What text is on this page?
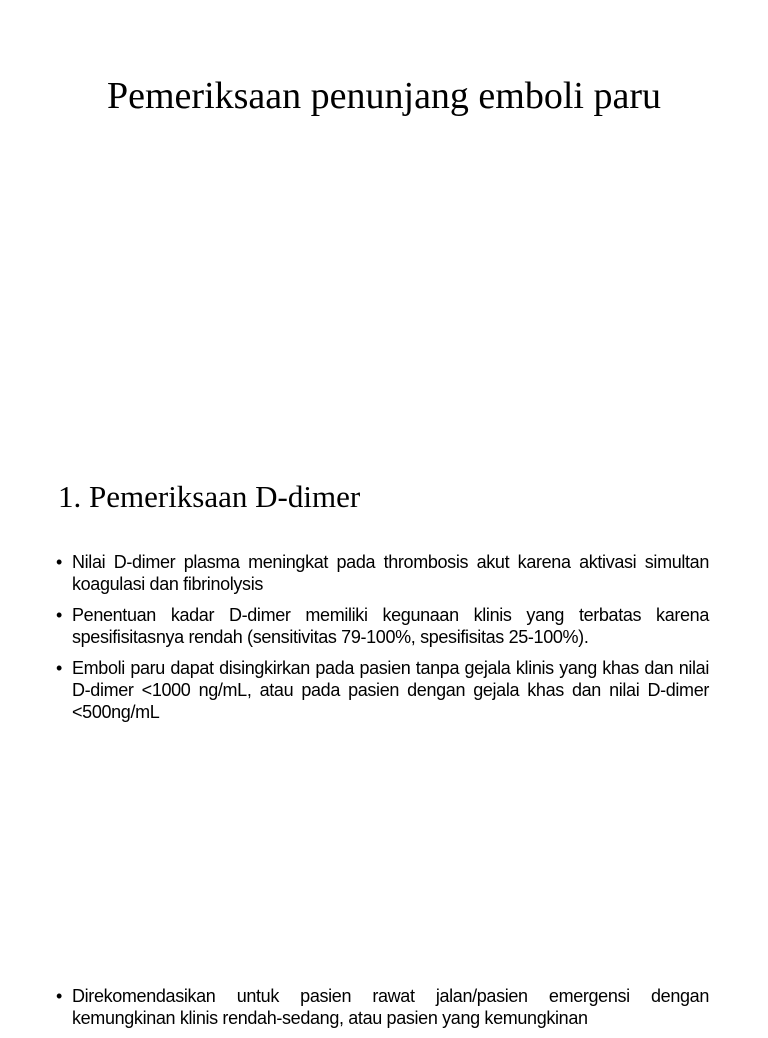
Pemeriksaan penunjang emboli paru
1. Pemeriksaan D-dimer
• Nilai D-dimer plasma meningkat pada thrombosis akut karena aktivasi simultan koagulasi dan fibrinolysis
• Penentuan kadar D-dimer memiliki kegunaan klinis yang terbatas karena spesifisitasnya rendah (sensitivitas 79-100%, spesifisitas 25-100%).
• Emboli paru dapat disingkirkan pada pasien tanpa gejala klinis yang khas dan nilai D-dimer <1000 ng/mL, atau pada pasien dengan gejala khas dan nilai D-dimer <500ng/mL
• Direkomendasikan untuk pasien rawat jalan/pasien emergensi dengan kemungkinan klinis rendah-sedang, atau pasien yang kemungkinan
